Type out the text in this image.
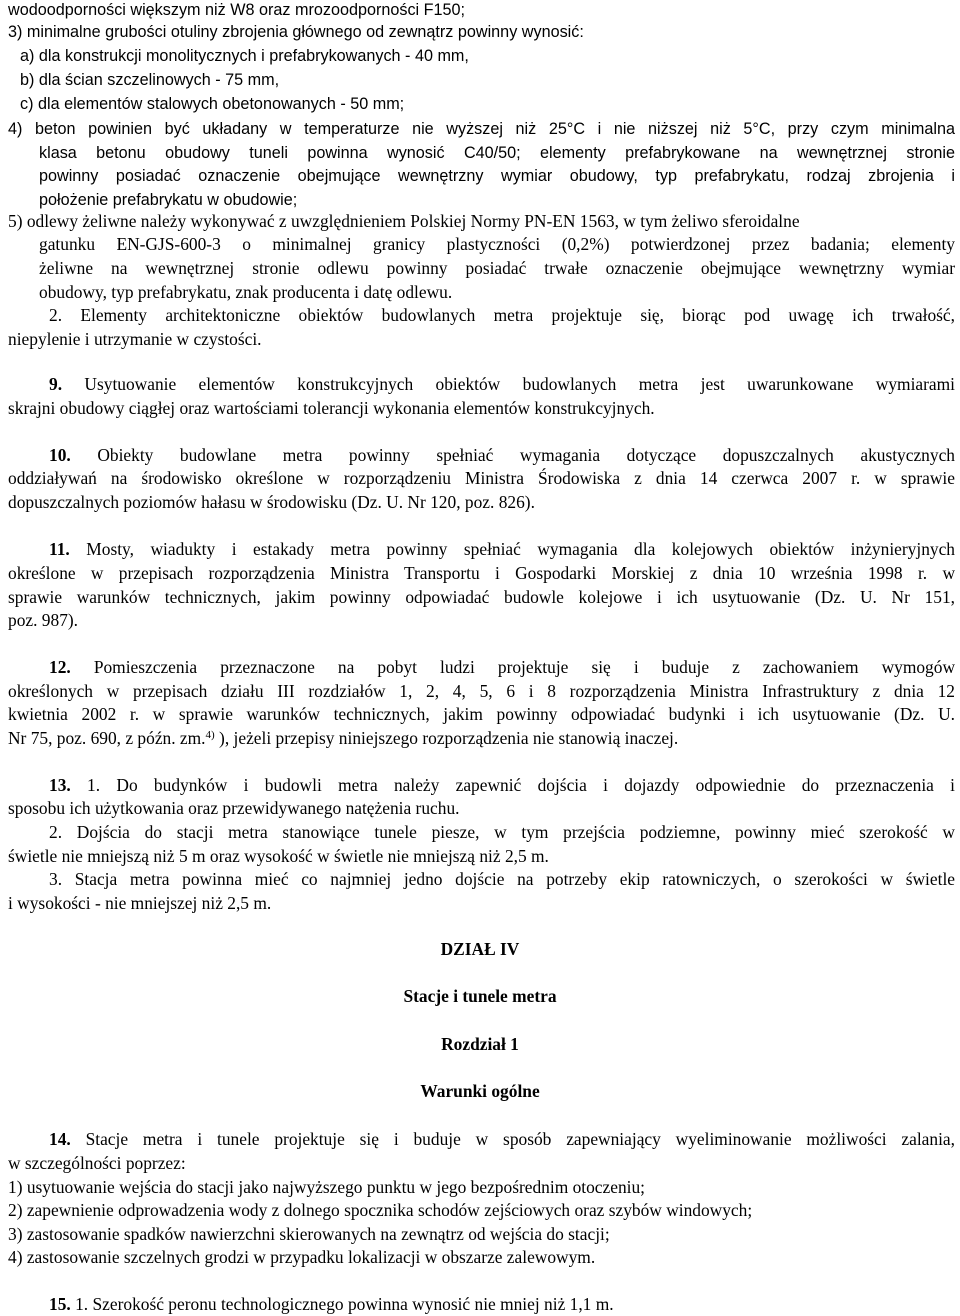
wodoodporności większym niż W8 oraz mrozoodporności F150;
3) minimalne grubości otuliny zbrojenia głównego od zewnątrz powinny wynosić:
a) dla konstrukcji monolitycznych i prefabrykowanych - 40 mm,
b) dla ścian szczelinowych - 75 mm,
c) dla elementów stalowych obetonowanych - 50 mm;
4) beton powinien być układany w temperaturze nie wyższej niż 25°C i nie niższej niż 5°C, przy czym minimalna
klasa betonu obudowy tuneli powinna wynosić C40/50; elementy prefabrykowane na wewnętrznej stronie
powinny posiadać oznaczenie obejmujące wewnętrzny wymiar obudowy, typ prefabrykatu, rodzaj zbrojenia i
położenie prefabrykatu w obudowie;
5) odlewy żeliwne należy wykonywać z uwzględnieniem Polskiej Normy PN-EN 1563, w tym żeliwo sferoidalne
gatunku EN-GJS-600-3 o minimalnej granicy plastyczności (0,2%) potwierdzonej przez badania; elementy
żeliwne na wewnętrznej stronie odlewu powinny posiadać trwałe oznaczenie obejmujące wewnętrzny wymiar
obudowy, typ prefabrykatu, znak producenta i datę odlewu.
2. Elementy architektoniczne obiektów budowlanych metra projektuje się, biorąc pod uwagę ich trwałość,
niepylenie i utrzymanie w czystości.
9. Usytuowanie elementów konstrukcyjnych obiektów budowlanych metra jest uwarunkowane wymiarami
skrajni obudowy ciągłej oraz wartościami tolerancji wykonania elementów konstrukcyjnych.
10. Obiekty budowlane metra powinny spełniać wymagania dotyczące dopuszczalnych akustycznych
oddziaływań na środowisko określone w rozporządzeniu Ministra Środowiska z dnia 14 czerwca 2007 r. w sprawie
dopuszczalnych poziomów hałasu w środowisku (Dz. U. Nr 120, poz. 826).
11. Mosty, wiadukty i estakady metra powinny spełniać wymagania dla kolejowych obiektów inżynieryjnych
określone w przepisach rozporządzenia Ministra Transportu i Gospodarki Morskiej z dnia 10 września 1998 r. w
sprawie warunków technicznych, jakim powinny odpowiadać budowle kolejowe i ich usytuowanie (Dz. U. Nr 151,
poz. 987).
12. Pomieszczenia przeznaczone na pobyt ludzi projektuje się i buduje z zachowaniem wymogów
określonych w przepisach działu III rozdziałów 1, 2, 4, 5, 6 i 8 rozporządzenia Ministra Infrastruktury z dnia 12
kwietnia 2002 r. w sprawie warunków technicznych, jakim powinny odpowiadać budynki i ich usytuowanie (Dz. U.
Nr 75, poz. 690, z późn. zm.$^{4)}$ ), jeżeli przepisy niniejszego rozporządzenia nie stanowią inaczej.
13. 1. Do budynków i budowli metra należy zapewnić dojścia i dojazdy odpowiednie do przeznaczenia i
sposobu ich użytkowania oraz przewidywanego natężenia ruchu.
2. Dojścia do stacji metra stanowiące tunele piesze, w tym przejścia podziemne, powinny mieć szerokość w
świetle nie mniejszą niż 5 m oraz wysokość w świetle nie mniejszą niż 2,5 m.
3. Stacja metra powinna mieć co najmniej jedno dojście na potrzeby ekip ratowniczych, o szerokości w świetle
i wysokości - nie mniejszej niż 2,5 m.
14. Stacje metra i tunele projektuje się i buduje w sposób zapewniający wyeliminowanie możliwości zalania,
w szczególności poprzez:
1) usytuowanie wejścia do stacji jako najwyższego punktu w jego bezpośrednim otoczeniu;
2) zapewnienie odprowadzenia wody z dolnego spocznika schodów zejściowych oraz szybów windowych;
3) zastosowanie spadków nawierzchni skierowanych na zewnątrz od wejścia do stacji;
4) zastosowanie szczelnych grodzi w przypadku lokalizacji w obszarze zalewowym.
15. 1. Szerokość peronu technologicznego powinna wynosić nie mniej niż 1,1 m.
DZIAŁ IV
Stacje i tunele metra
Rozdział 1
Warunki ogólne
